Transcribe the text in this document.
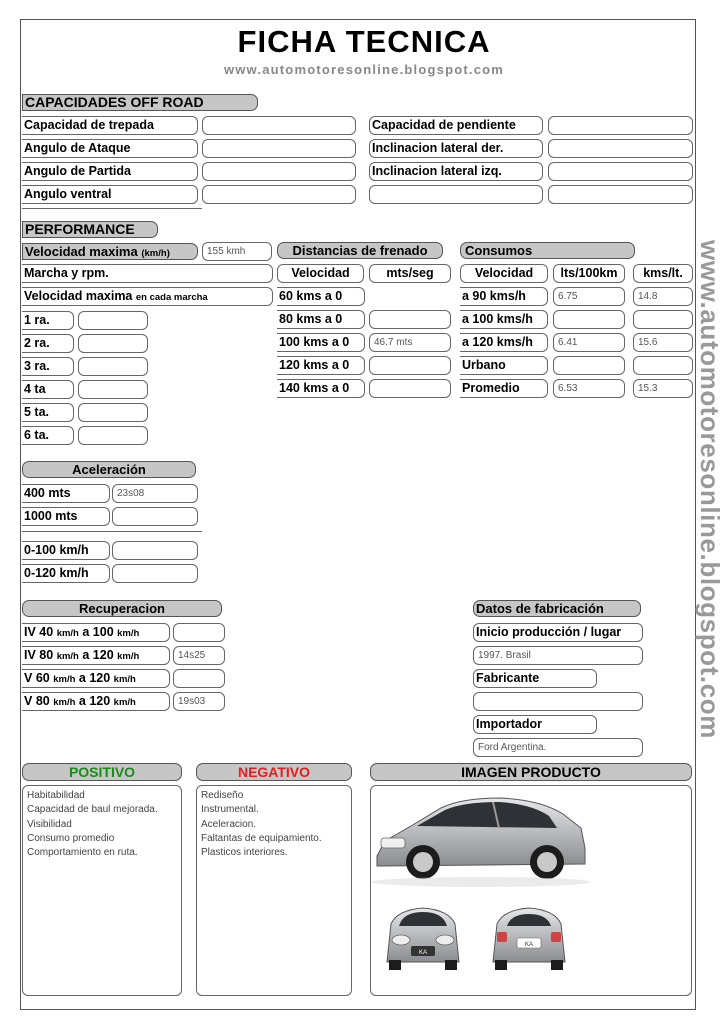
FICHA TECNICA
www.automotoresonline.blogspot.com
www.automotoresonline.blogspot.com
CAPACIDADES OFF ROAD
Capacidad de trepada
Angulo de Ataque
Angulo de Partida
Angulo ventral
Capacidad de pendiente
Inclinacion lateral der.
Inclinacion lateral izq.
PERFORMANCE
Velocidad maxima (km/h)	155 kmh
Marcha y rpm.
Velocidad maxima en cada marcha
1 ra.
2 ra.
3 ra.
4 ta
5 ta.
6 ta.
Distancias de frenado
Velocidad	mts/seg
60 kms a 0
80 kms a 0
100 kms a 0	46.7 mts
120 kms a 0
140 kms a 0
Consumos
Velocidad	lts/100km	kms/lt.
a 90 kms/h	6.75	14.8
a 100 kms/h
a 120 kms/h	6.41	15.6
Urbano
Promedio	6.53	15.3
Aceleración
400 mts	23s08
1000 mts
0-100 km/h
0-120 km/h
Recuperacion
IV 40 km/h a 100 km/h
IV 80 km/h a 120 km/h	14s25
V 60 km/h a 120 km/h
V 80 km/h a 120 km/h	19s03
Datos de fabricación
Inicio producción / lugar
1997. Brasil
Fabricante
Importador
Ford Argentina.
POSITIVO
Habitabilidad
Capacidad de baul mejorada.
Visibilidad
Consumo promedio
Comportamiento en ruta.
NEGATIVO
Rediseño
Instrumental.
Aceleracion.
Faltantas de equipamiento.
Plasticos interiores.
IMAGEN PRODUCTO
KA
KA
